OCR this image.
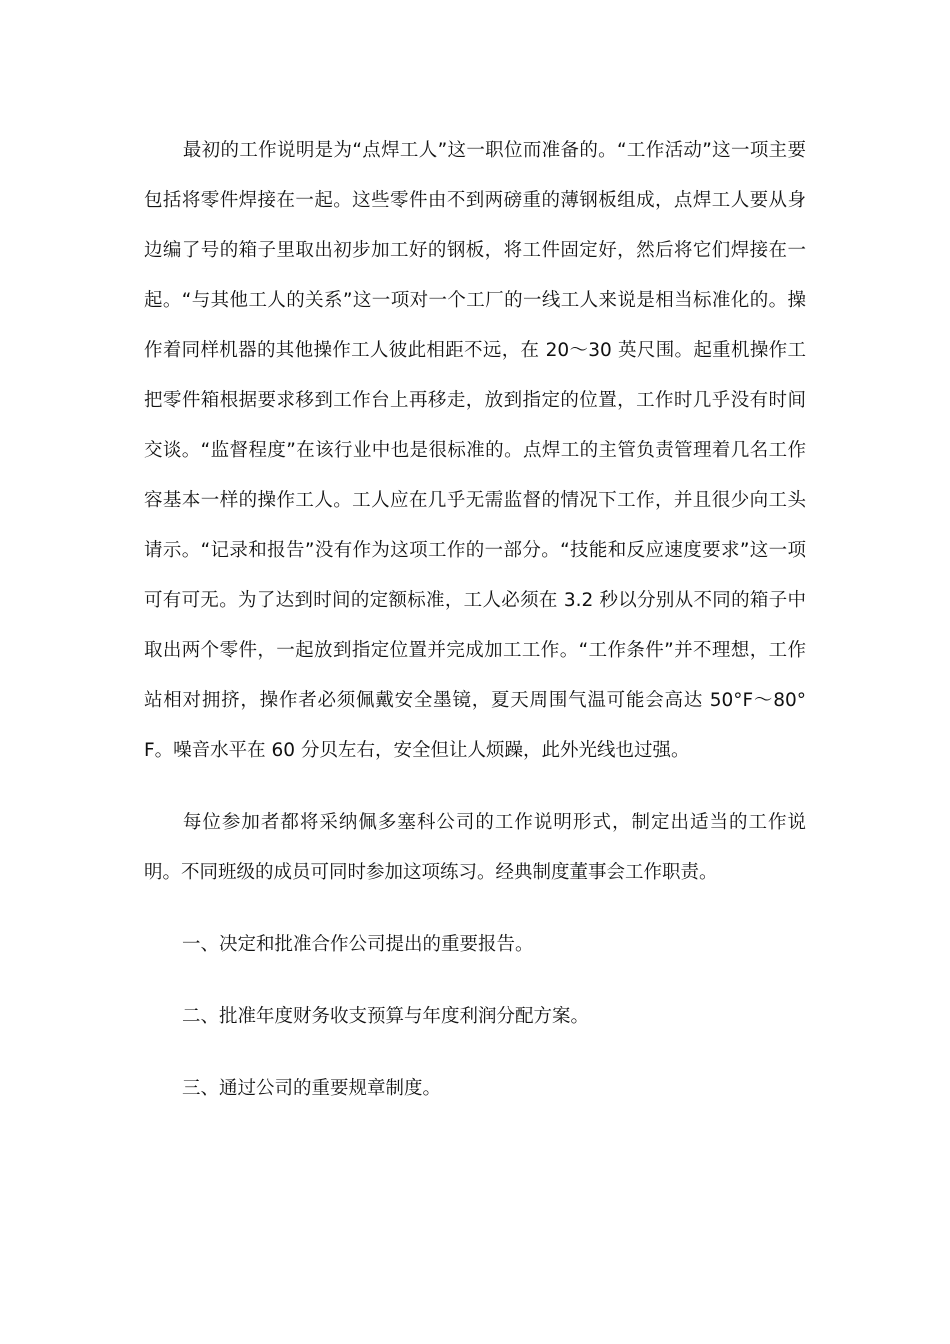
最初的工作说明是为“点焊工人”这一职位而准备的。“工作活动”这一项主要包括将零件焊接在一起。这些零件由不到两磅重的薄钢板组成，点焊工人要从身边编了号的箱子里取出初步加工好的钢板，将工件固定好，然后将它们焊接在一起。“与其他工人的关系”这一项对一个工厂的一线工人来说是相当标准化的。操作着同样机器的其他操作工人彼此相距不远，在 20～30 英尺围。起重机操作工把零件箱根据要求移到工作台上再移走，放到指定的位置，工作时几乎没有时间交谈。“监督程度”在该行业中也是很标准的。点焊工的主管负责管理着几名工作容基本一样的操作工人。工人应在几乎无需监督的情况下工作，并且很少向工头请示。“记录和报告”没有作为这项工作的一部分。“技能和反应速度要求”这一项可有可无。为了达到时间的定额标准，工人必须在 3.2 秒以分别从不同的箱子中取出两个零件，一起放到指定位置并完成加工工作。“工作条件”并不理想，工作站相对拥挤，操作者必须佩戴安全墨镜，夏天周围气温可能会高达 50°F～80°F。噪音水平在 60 分贝左右，安全但让人烦躁，此外光线也过强。

每位参加者都将采纳佩多塞科公司的工作说明形式，制定出适当的工作说明。不同班级的成员可同时参加这项练习。经典制度董事会工作职责。

一、决定和批准合作公司提出的重要报告。
二、批准年度财务收支预算与年度利润分配方案。
三、通过公司的重要规章制度。
